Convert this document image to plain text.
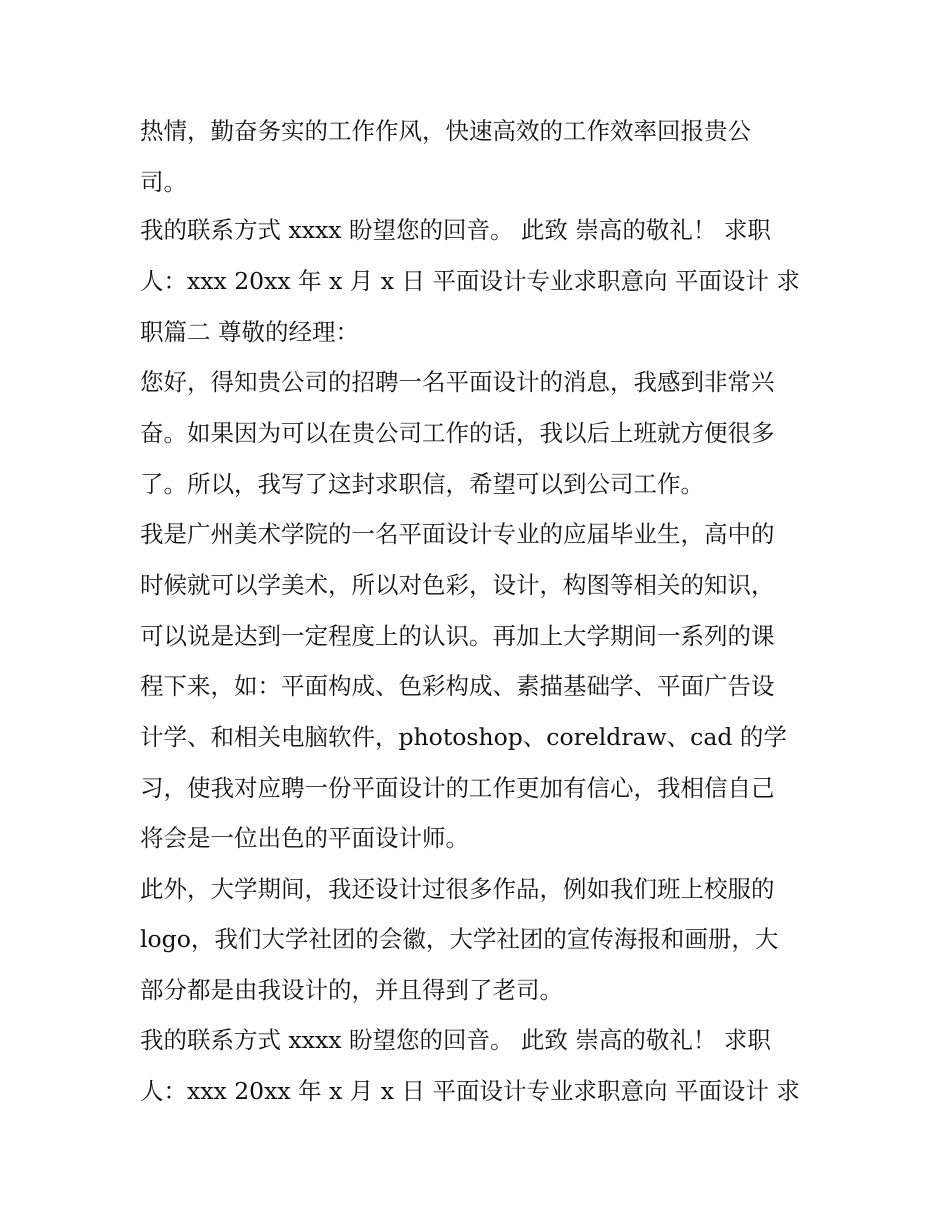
热情，勤奋务实的工作作风，快速高效的工作效率回报贵公
司。
我的联系方式 xxxx 盼望您的回音。 此致 崇高的敬礼！ 求职
人：xxx 20xx 年 x 月 x 日 平面设计专业求职意向 平面设计 求
职篇二 尊敬的经理：
您好，得知贵公司的招聘一名平面设计的消息，我感到非常兴
奋。如果因为可以在贵公司工作的话，我以后上班就方便很多
了。所以，我写了这封求职信，希望可以到公司工作。
我是广州美术学院的一名平面设计专业的应届毕业生，高中的
时候就可以学美术，所以对色彩，设计，构图等相关的知识，
可以说是达到一定程度上的认识。再加上大学期间一系列的课
程下来，如：平面构成、色彩构成、素描基础学、平面广告设
计学、和相关电脑软件，photoshop、coreldraw、cad 的学
习，使我对应聘一份平面设计的工作更加有信心，我相信自己
将会是一位出色的平面设计师。
此外，大学期间，我还设计过很多作品，例如我们班上校服的
logo，我们大学社团的会徽，大学社团的宣传海报和画册，大
部分都是由我设计的，并且得到了老司。
我的联系方式 xxxx 盼望您的回音。 此致 崇高的敬礼！ 求职
人：xxx 20xx 年 x 月 x 日 平面设计专业求职意向 平面设计 求
